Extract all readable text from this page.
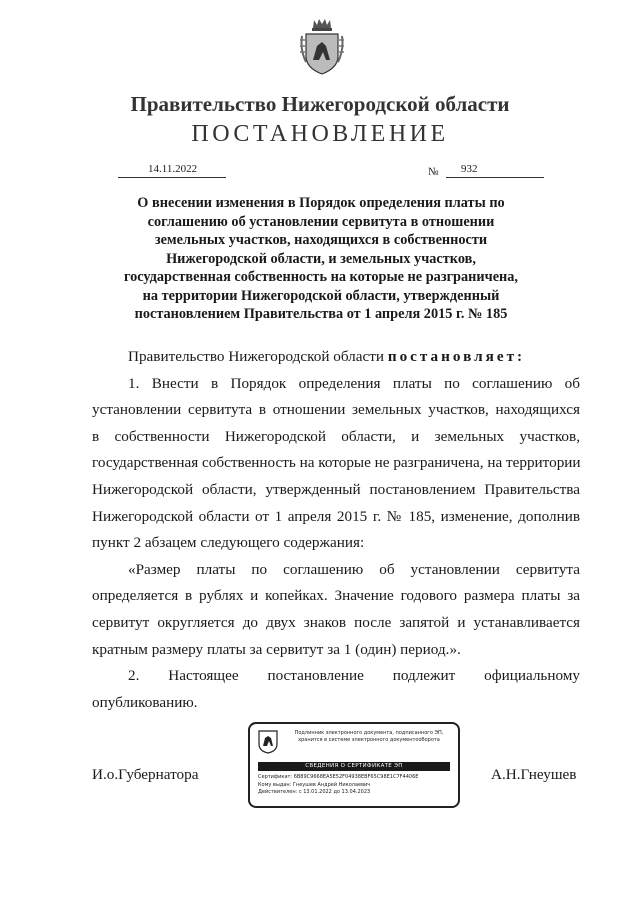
Правительство Нижегородской области
ПОСТАНОВЛЕНИЕ
14.11.2022	№ 932
О внесении изменения в Порядок определения платы по
соглашению об установлении сервитута в отношении
земельных участков, находящихся в собственности
Нижегородской области, и земельных участков,
государственная собственность на которые не разграничена,
на территории Нижегородской области, утвержденный
постановлением Правительства от 1 апреля 2015 г. № 185
Правительство Нижегородской области постановляет:
1. Внести в Порядок определения платы по соглашению об
установлении сервитута в отношении земельных участков, находящихся
в собственности Нижегородской области, и земельных участков,
государственная собственность на которые не разграничена, на территории
Нижегородской области, утвержденный постановлением Правительства
Нижегородской области от 1 апреля 2015 г. № 185, изменение, дополнив
пункт 2 абзацем следующего содержания:
«Размер платы по соглашению об установлении сервитута
определяется в рублях и копейках. Значение годового размера платы за
сервитут округляется до двух знаков после запятой и устанавливается
кратным размеру платы за сервитут за 1 (один) период.».
2. Настоящее постановление подлежит официальному
опубликованию.
И.о.Губернатора	А.Н.Гнеушев
Подлинник электронного документа, подписанного ЭП,
хранится в системе электронного документооборота
СВЕДЕНИЯ О СЕРТИФИКАТЕ ЭП
Сертификат: 6B89C9668EA5E52F04938EBF65C98E1C7F4406E
Кому выдан: Гнеушев Андрей Николаевич
Действителен: с 13.01.2022 до 13.04.2023
